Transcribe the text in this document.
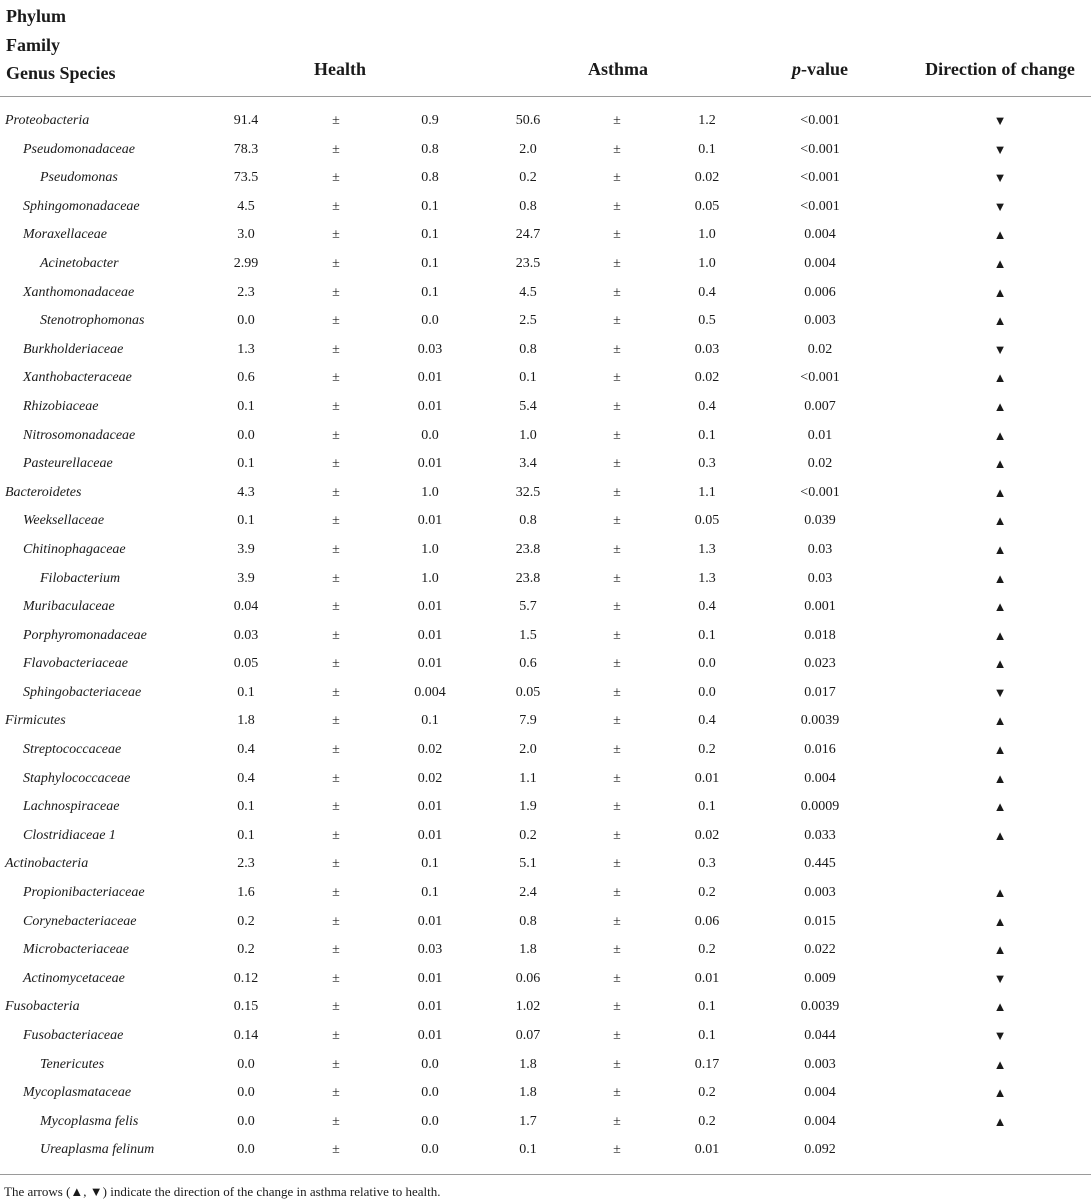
Phylum
Family
Genus Species	Health	Asthma	p-value	Direction of change
Proteobacteria	91.4	±	0.9	50.6	±	1.2	<0.001	▼
Pseudomonadaceae	78.3	±	0.8	2.0	±	0.1	<0.001	▼
Pseudomonas	73.5	±	0.8	0.2	±	0.02	<0.001	▼
Sphingomonadaceae	4.5	±	0.1	0.8	±	0.05	<0.001	▼
Moraxellaceae	3.0	±	0.1	24.7	±	1.0	0.004	▲
Acinetobacter	2.99	±	0.1	23.5	±	1.0	0.004	▲
Xanthomonadaceae	2.3	±	0.1	4.5	±	0.4	0.006	▲
Stenotrophomonas	0.0	±	0.0	2.5	±	0.5	0.003	▲
Burkholderiaceae	1.3	±	0.03	0.8	±	0.03	0.02	▼
Xanthobacteraceae	0.6	±	0.01	0.1	±	0.02	<0.001	▲
Rhizobiaceae	0.1	±	0.01	5.4	±	0.4	0.007	▲
Nitrosomonadaceae	0.0	±	0.0	1.0	±	0.1	0.01	▲
Pasteurellaceae	0.1	±	0.01	3.4	±	0.3	0.02	▲
Bacteroidetes	4.3	±	1.0	32.5	±	1.1	<0.001	▲
Weeksellaceae	0.1	±	0.01	0.8	±	0.05	0.039	▲
Chitinophagaceae	3.9	±	1.0	23.8	±	1.3	0.03	▲
Filobacterium	3.9	±	1.0	23.8	±	1.3	0.03	▲
Muribaculaceae	0.04	±	0.01	5.7	±	0.4	0.001	▲
Porphyromonadaceae	0.03	±	0.01	1.5	±	0.1	0.018	▲
Flavobacteriaceae	0.05	±	0.01	0.6	±	0.0	0.023	▲
Sphingobacteriaceae	0.1	±	0.004	0.05	±	0.0	0.017	▼
Firmicutes	1.8	±	0.1	7.9	±	0.4	0.0039	▲
Streptococcaceae	0.4	±	0.02	2.0	±	0.2	0.016	▲
Staphylococcaceae	0.4	±	0.02	1.1	±	0.01	0.004	▲
Lachnospiraceae	0.1	±	0.01	1.9	±	0.1	0.0009	▲
Clostridiaceae 1	0.1	±	0.01	0.2	±	0.02	0.033	▲
Actinobacteria	2.3	±	0.1	5.1	±	0.3	0.445
Propionibacteriaceae	1.6	±	0.1	2.4	±	0.2	0.003	▲
Corynebacteriaceae	0.2	±	0.01	0.8	±	0.06	0.015	▲
Microbacteriaceae	0.2	±	0.03	1.8	±	0.2	0.022	▲
Actinomycetaceae	0.12	±	0.01	0.06	±	0.01	0.009	▼
Fusobacteria	0.15	±	0.01	1.02	±	0.1	0.0039	▲
Fusobacteriaceae	0.14	±	0.01	0.07	±	0.1	0.044	▼
Tenericutes	0.0	±	0.0	1.8	±	0.17	0.003	▲
Mycoplasmataceae	0.0	±	0.0	1.8	±	0.2	0.004	▲
Mycoplasma felis	0.0	±	0.0	1.7	±	0.2	0.004	▲
Ureaplasma felinum	0.0	±	0.0	0.1	±	0.01	0.092
The arrows (▲, ▼) indicate the direction of the change in asthma relative to health.
